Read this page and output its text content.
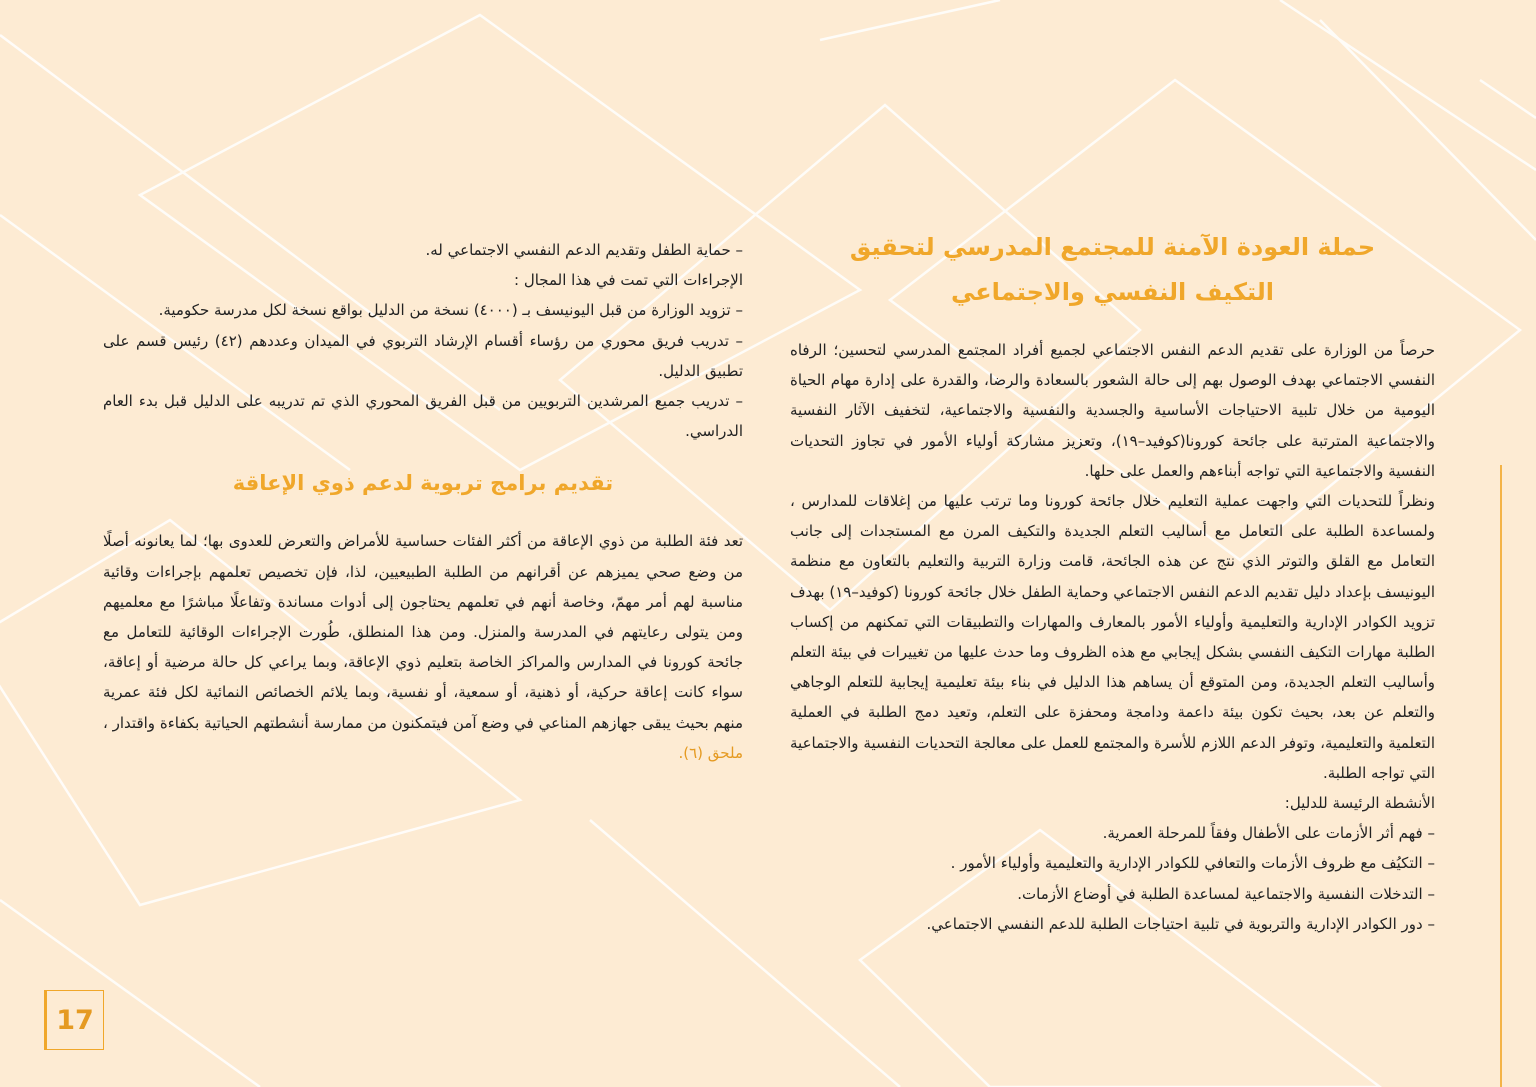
حملة العودة الآمنة للمجتمع المدرسي لتحقيق التكيف النفسي والاجتماعي

حرصاً من الوزارة على تقديم الدعم النفس الاجتماعي لجميع أفراد المجتمع المدرسي لتحسين؛ الرفاه النفسي الاجتماعي بهدف الوصول بهم إلى حالة الشعور بالسعادة والرضا، والقدرة على إدارة مهام الحياة اليومية من خلال تلبية الاحتياجات الأساسية والجسدية والنفسية والاجتماعية، لتخفيف الآثار النفسية والاجتماعية المترتبة على جائحة كورونا(كوفيد–١٩)، وتعزيز مشاركة أولياء الأمور في تجاوز التحديات النفسية والاجتماعية التي تواجه أبناءهم والعمل على حلها.

ونظراً للتحديات التي واجهت عملية التعليم خلال جائحة كورونا وما ترتب عليها من إغلاقات للمدارس ، ولمساعدة الطلبة على التعامل مع أساليب التعلم الجديدة والتكيف المرن مع المستجدات إلى جانب التعامل مع القلق والتوتر الذي نتج عن هذه الجائحة، قامت وزارة التربية والتعليم بالتعاون مع منظمة اليونيسف بإعداد دليل تقديم الدعم النفس الاجتماعي وحماية الطفل خلال جائحة كورونا (كوفيد–١٩) بهدف تزويد الكوادر الإدارية والتعليمية وأولياء الأمور بالمعارف والمهارات والتطبيقات التي تمكنهم من إكساب الطلبة مهارات التكيف النفسي بشكل إيجابي مع هذه الظروف وما حدث عليها من تغييرات في بيئة التعلم وأساليب التعلم الجديدة، ومن المتوقع أن يساهم هذا الدليل في بناء بيئة تعليمية إيجابية للتعلم الوجاهي والتعلم عن بعد، بحيث تكون بيئة داعمة ودامجة ومحفزة على التعلم، وتعيد دمج الطلبة في العملية التعلمية والتعليمية، وتوفر الدعم اللازم للأسرة والمجتمع للعمل على معالجة التحديات النفسية والاجتماعية التي تواجه الطلبة.

الأنشطة الرئيسة للدليل:

– فهم أثر الأزمات على الأطفال وفقاً للمرحلة العمرية.
– التكيُف مع ظروف الأزمات والتعافي للكوادر الإدارية والتعليمية وأولياء الأمور .
– التدخلات النفسية والاجتماعية لمساعدة الطلبة في أوضاع الأزمات.
– دور الكوادر الإدارية والتربوية في تلبية احتياجات الطلبة للدعم النفسي الاجتماعي.
– حماية الطفل وتقديم الدعم النفسي الاجتماعي له.

الإجراءات التي تمت في هذا المجال :

– تزويد الوزارة من قبل اليونيسف بـ (٤٠٠٠) نسخة من الدليل بواقع نسخة لكل مدرسة حكومية.
– تدريب فريق محوري من رؤساء أقسام الإرشاد التربوي في الميدان وعددهم (٤٢) رئيس قسم على تطبيق الدليل.
– تدريب جميع المرشدين التربويين من قبل الفريق المحوري الذي تم تدريبه على الدليل قبل بدء العام الدراسي.
تقديم برامج تربوية لدعم ذوي الإعاقة

تعد فئة الطلبة من ذوي الإعاقة من أكثر الفئات حساسية للأمراض والتعرض للعدوى بها؛ لما يعانونه أصلًا من وضع صحي يميزهم عن أقرانهم من الطلبة الطبيعيين، لذا، فإن تخصيص تعلمهم بإجراءات وقائية مناسبة لهم أمر مهمّ، وخاصة أنهم في تعلمهم يحتاجون إلى أدوات مساندة وتفاعلًا مباشرًا مع معلميهم ومن يتولى رعايتهم في المدرسة والمنزل. ومن هذا المنطلق، طُورت الإجراءات الوقائية للتعامل مع جائحة كورونا في المدارس والمراكز الخاصة بتعليم ذوي الإعاقة، وبما يراعي كل حالة مرضية أو إعاقة، سواء كانت إعاقة حركية، أو ذهنية، أو سمعية، أو نفسية، وبما يلائم الخصائص النمائية لكل فئة عمرية منهم بحيث يبقى جهازهم المناعي في وضع آمن فيتمكنون من ممارسة أنشطتهم الحياتية بكفاءة واقتدار ، ملحق (٦).

17
